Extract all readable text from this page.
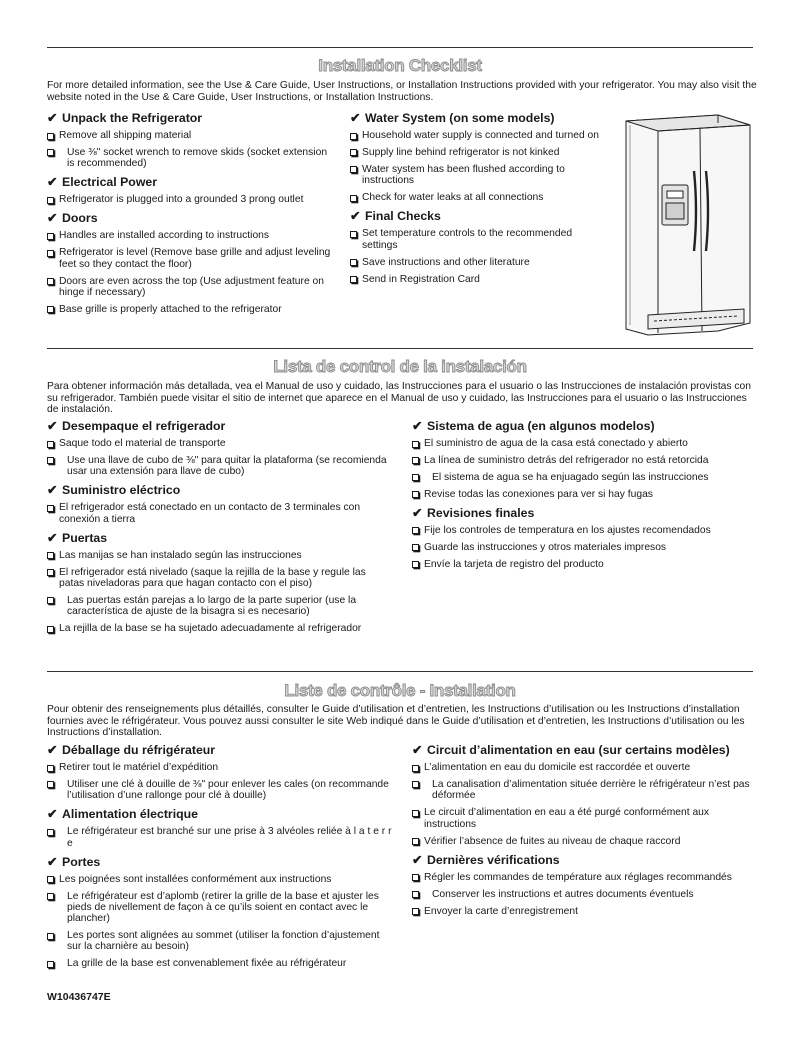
Installation Checklist
For more detailed information, see the Use & Care Guide, User Instructions, or Installation Instructions provided with your refrigerator. You may also visit the website noted in the Use & Care Guide, User Instructions, or Installation Instructions.
✔ Unpack the Refrigerator
Remove all shipping material
Use ⅜" socket wrench to remove skids (socket extension is recommended)
✔ Electrical Power
Refrigerator is plugged into a grounded 3 prong outlet
✔ Doors
Handles are installed according to instructions
Refrigerator is level (Remove base grille and adjust leveling feet so they contact the floor)
Doors are even across the top (Use adjustment feature on hinge if necessary)
Base grille is properly attached to the refrigerator
✔ Water System (on some models)
Household water supply is connected and turned on
Supply line behind refrigerator is not kinked
Water system has been flushed according to instructions
Check for water leaks at all connections
✔ Final Checks
Set temperature controls to the recommended settings
Save instructions and other literature
Send in Registration Card
Lista de control de la instalación
Para obtener información más detallada, vea el Manual de uso y cuidado, las Instrucciones para el usuario o las Instrucciones de instalación provistas con su refrigerador. También puede visitar el sitio de internet que aparece en el Manual de uso y cuidado, las Instrucciones para el usuario o las Instrucciones de instalación.
✔ Desempaque el refrigerador
Saque todo el material de transporte
Use una llave de cubo de ⅜" para quitar la plataforma (se recomienda usar una extensión para llave de cubo)
✔ Suministro eléctrico
El refrigerador está conectado en un contacto de 3 terminales con conexión a tierra
✔ Puertas
Las manijas se han instalado según las instrucciones
El refrigerador está nivelado (saque la rejilla de la base y regule las patas niveladoras para que hagan contacto con el piso)
Las puertas están parejas a lo largo de la parte superior (use la característica de ajuste de la bisagra si es necesario)
La rejilla de la base se ha sujetado adecuadamente al refrigerador
✔ Sistema de agua (en algunos modelos)
El suministro de agua de la casa está conectado y abierto
La línea de suministro detrás del refrigerador no está retorcida
El sistema de agua se ha enjuagado según las instrucciones
Revise todas las conexiones para ver si hay fugas
✔ Revisiones finales
Fije los controles de temperatura en los ajustes recomendados
Guarde las instrucciones y otros materiales impresos
Envíe la tarjeta de registro del producto
Liste de contrôle - Installation
Pour obtenir des renseignements plus détaillés, consulter le Guide d’utilisation et d’entretien, les Instructions d’utilisation ou les Instructions d’installation fournies avec le réfrigérateur. Vous pouvez aussi consulter le site Web indiqué dans le Guide d’utilisation et d’entretien, les Instructions d’utilisation ou les Instructions d’installation.
✔ Déballage du réfrigérateur
Retirer tout le matériel d’expédition
Utiliser une clé à douille de ⅜" pour enlever les cales (on recommande l’utilisation d’une rallonge pour clé à douille)
✔ Alimentation électrique
Le réfrigérateur est branché sur une prise à 3 alvéoles reliée à l a t e r r e
✔ Portes
Les poignées sont installées conformément aux instructions
Le réfrigérateur est d’aplomb (retirer la grille de la base et ajuster les pieds de nivellement de façon à ce qu’ils soient en contact avec le plancher)
Les portes sont alignées au sommet (utiliser la fonction d’ajustement sur la charnière au besoin)
La grille de la base est convenablement fixée au réfrigérateur
✔ Circuit d’alimentation en eau (sur certains modèles)
L’alimentation en eau du domicile est raccordée et ouverte
La canalisation d’alimentation située derrière le réfrigérateur n’est pas déformée
Le circuit d’alimentation en eau a été purgé conformément aux instructions
Vérifier l’absence de fuites au niveau de chaque raccord
✔ Dernières vérifications
Régler les commandes de température aux réglages recommandés
Conserver les instructions et autres documents éventuels
Envoyer la carte d’enregistrement
W10436747E
